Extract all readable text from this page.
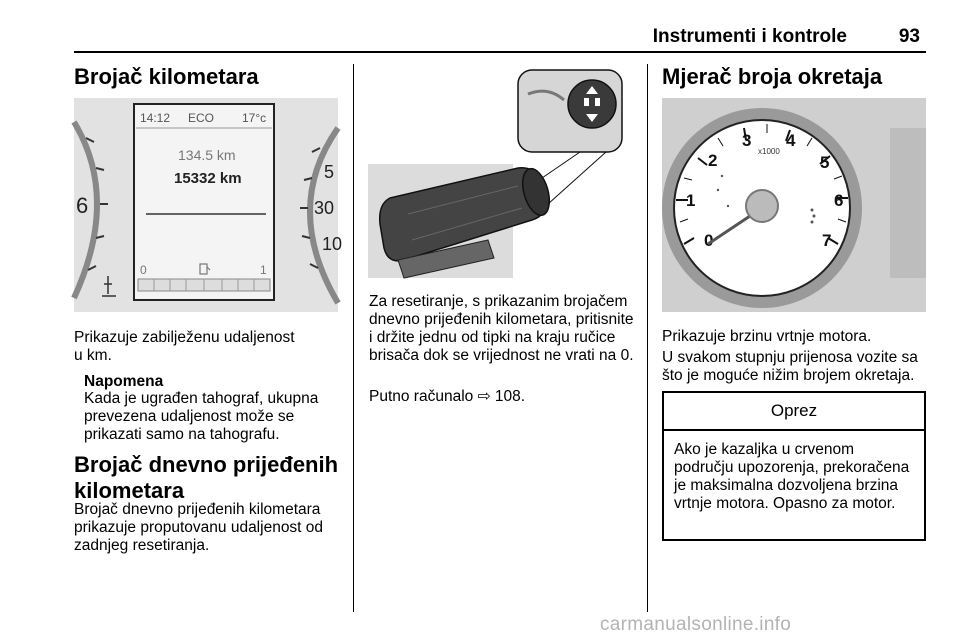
Instrumenti i kontrole	93
Brojač kilometara
6
5
30
10
14:12 ECO 17°c
134.5 km
15332 km
0	1
Prikazuje zabilježenu udaljenost u km.
Napomena
Kada je ugrađen tahograf, ukupna prevezena udaljenost može se prikazati samo na tahografu.
Brojač dnevno prijeđenih kilometara
Brojač dnevno prijeđenih kilometara prikazuje proputovanu udaljenost od zadnjeg resetiranja.
Za resetiranje, s prikazanim brojačem dnevno prijeđenih kilometara, pritisnite i držite jednu od tipki na kraju ručice brisača dok se vrijednost ne vrati na 0.
Putno računalo ⇨ 108.
Mjerač broja okretaja
0
1
2
3 4
5
6
7
x1000
Prikazuje brzinu vrtnje motora.
U svakom stupnju prijenosa vozite sa što je moguće nižim brojem okretaja.
Oprez
Ako je kazaljka u crvenom području upozorenja, prekoračena je maksimalna dozvoljena brzina vrtnje motora. Opasno za motor.
carmanualsonline.info
